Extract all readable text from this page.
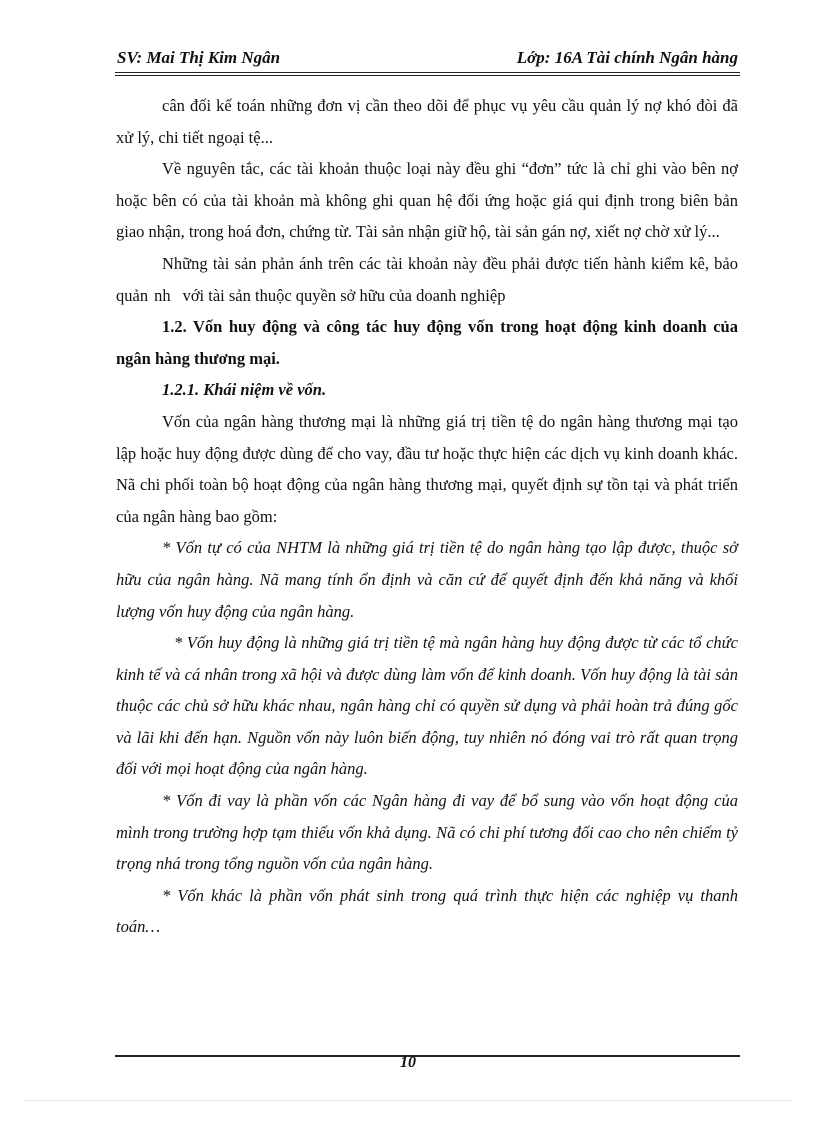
SV: Mai Thị Kim Ngân	Lớp: 16A Tài chính Ngân hàng

cân đối kế toán những đơn vị cần theo dõi để phục vụ yêu cầu quản lý nợ khó đòi đã xử lý, chi tiết ngoại tệ...

Về nguyên tắc, các tài khoản thuộc loại này đều ghi “đơn” tức là chỉ ghi vào bên nợ hoặc bên có của tài khoản mà không ghi quan hệ đối ứng hoặc giá qui định trong biên bản giao nhận, trong hoá đơn, chứng từ. Tài sản nhận giữ hộ, tài sản gán nợ, xiết nợ chờ xử lý...

Những tài sản phản ánh trên các tài khoản này đều phải được tiến hành kiểm kê, bảo quản nh với tài sản thuộc quyền sở hữu của doanh nghiệp

1.2. Vốn huy động và công tác huy động vốn trong hoạt động kinh doanh của ngân hàng thương mại.

1.2.1. Khái niệm về vốn.

Vốn của ngân hàng thương mại là những giá trị tiền tệ do ngân hàng thương mại tạo lập hoặc huy động được dùng để cho vay, đầu tư hoặc thực hiện các dịch vụ kinh doanh khác. Nã chi phối toàn bộ hoạt động của ngân hàng thương mại, quyết định sự tồn tại và phát triển của ngân hàng bao gồm:

* Vốn tự có của NHTM là những giá trị tiền tệ do ngân hàng tạo lập được, thuộc sở hữu của ngân hàng. Nã mang tính ổn định và căn cứ để quyết định đến khả năng và khối lượng vốn huy động của ngân hàng.

* Vốn huy động là những giá trị tiền tệ mà ngân hàng huy động được từ các tổ chức kinh tế và cá nhân trong xã hội và được dùng làm vốn để kinh doanh. Vốn huy động là tài sản thuộc các chủ sở hữu khác nhau, ngân hàng chỉ có quyền sử dụng và phải hoàn trả đúng gốc và lãi khi đến hạn. Nguồn vốn này luôn biến động, tuy nhiên nó đóng vai trò rất quan trọng đối với mọi hoạt động của ngân hàng.

* Vốn đi vay là phần vốn các Ngân hàng đi vay để bổ sung vào vốn hoạt động của mình trong trường hợp tạm thiếu vốn khả dụng. Nã có chi phí tương đối cao cho nên chiếm tỷ trọng nhá trong tổng nguồn vốn của ngân hàng.

* Vốn khác là phần vốn phát sinh trong quá trình thực hiện các nghiệp vụ thanh toán…

10
